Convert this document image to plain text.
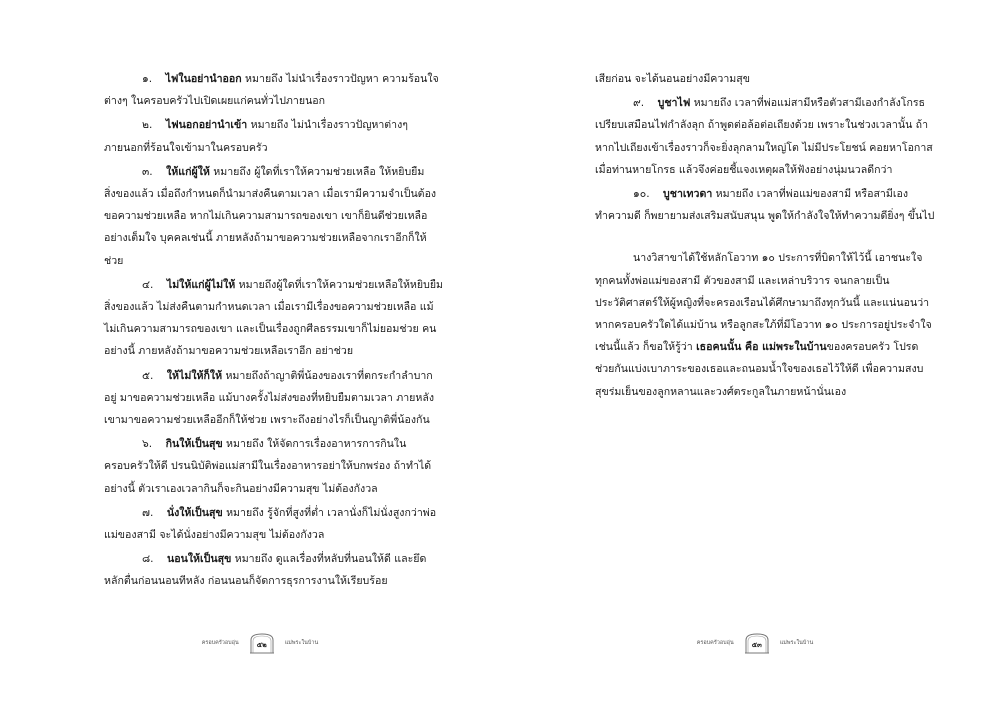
๑. ไฟในอย่านำออก หมายถึง ไม่นำเรื่องราวปัญหา ความร้อนใจต่างๆ ในครอบครัวไปเปิดเผยแก่คนทั่วไปภายนอก

๒. ไฟนอกอย่านำเข้า หมายถึง ไม่นำเรื่องราวปัญหาต่างๆ ภายนอกที่ร้อนใจเข้ามาในครอบครัว

๓. ให้แก่ผู้ให้ หมายถึง ผู้ใดที่เราให้ความช่วยเหลือ ให้หยิบยืมสิ่งของแล้ว เมื่อถึงกำหนดก็นำมาส่งคืนตามเวลา เมื่อเรามีความจำเป็นต้องขอความช่วยเหลือ หากไม่เกินความสามารถของเขา เขาก็ยินดีช่วยเหลืออย่างเต็มใจ บุคคลเช่นนี้ ภายหลังถ้ามาขอความช่วยเหลือจากเราอีกก็ให้ช่วย

๔. ไม่ให้แก่ผู้ไม่ให้ หมายถึงผู้ใดที่เราให้ความช่วยเหลือให้หยิบยืมสิ่งของแล้ว ไม่ส่งคืนตามกำหนดเวลา เมื่อเรามีเรื่องขอความช่วยเหลือ แม้ไม่เกินความสามารถของเขา และเป็นเรื่องถูกศีลธรรมเขาก็ไม่ยอมช่วย คนอย่างนี้ ภายหลังถ้ามาขอความช่วยเหลือเราอีก อย่าช่วย

๕. ให้ไม่ให้ก็ให้ หมายถึงถ้าญาติพี่น้องของเราที่ตกระกำลำบากอยู่ มาขอความช่วยเหลือ แม้บางครั้งไม่ส่งของที่หยิบยืมตามเวลา ภายหลังเขามาขอความช่วยเหลืออีกก็ให้ช่วย เพราะถึงอย่างไรก็เป็นญาติพี่น้องกัน

๖. กินให้เป็นสุข หมายถึง ให้จัดการเรื่องอาหารการกินในครอบครัวให้ดี ปรนนิบัติพ่อแม่สามีในเรื่องอาหารอย่าให้บกพร่อง ถ้าทำได้อย่างนี้ ตัวเราเองเวลากินก็จะกินอย่างมีความสุข ไม่ต้องกังวล

๗. นั่งให้เป็นสุข หมายถึง รู้จักที่สูงที่ต่ำ เวลานั่งก็ไม่นั่งสูงกว่าพ่อแม่ของสามี จะได้นั่งอย่างมีความสุข ไม่ต้องกังวล

๘. นอนให้เป็นสุข หมายถึง ดูแลเรื่องที่หลับที่นอนให้ดี และยึดหลักตื่นก่อนนอนทีหลัง ก่อนนอนก็จัดการธุรการงานให้เรียบร้อย

ครอบครัวอบอุ่น	๕๒	แม่พระในบ้าน

เสียก่อน จะได้นอนอย่างมีความสุข

๙. บูชาไฟ หมายถึง เวลาที่พ่อแม่สามีหรือตัวสามีเองกำลังโกรธเปรียบเสมือนไฟกำลังลุก ถ้าพูดต่อล้อต่อเถียงด้วย เพราะในช่วงเวลานั้น ถ้าหากไปเถียงเข้าเรื่องราวก็จะยิ่งลุกลามใหญ่โต ไม่มีประโยชน์ คอยหาโอกาสเมื่อท่านหายโกรธ แล้วจึงค่อยชี้แจงเหตุผลให้ฟังอย่างนุ่มนวลดีกว่า

๑๐. บูชาเทวดา หมายถึง เวลาที่พ่อแม่ของสามี หรือสามีเองทำความดี ก็พยายามส่งเสริมสนับสนุน พูดให้กำลังใจให้ทำความดียิ่งๆ ขึ้นไป

นางวิสาขาได้ใช้หลักโอวาท ๑๐ ประการที่บิดาให้ไว้นี้ เอาชนะใจทุกคนทั้งพ่อแม่ของสามี ตัวของสามี และเหล่าบริวาร จนกลายเป็นประวัติศาสตร์ให้ผู้หญิงที่จะครองเรือนได้ศึกษามาถึงทุกวันนี้ และแน่นอนว่า หากครอบครัวใดได้แม่บ้าน หรือลูกสะใภ้ที่มีโอวาท ๑๐ ประการอยู่ประจำใจเช่นนี้แล้ว ก็ขอให้รู้ว่า เธอคนนั้น คือ แม่พระในบ้านของครอบครัว โปรดช่วยกันแบ่งเบาภาระของเธอและถนอมน้ำใจของเธอไว้ให้ดี เพื่อความสงบสุขร่มเย็นของลูกหลานและวงศ์ตระกูลในภายหน้านั่นเอง

ครอบครัวอบอุ่น	๕๓	แม่พระในบ้าน
